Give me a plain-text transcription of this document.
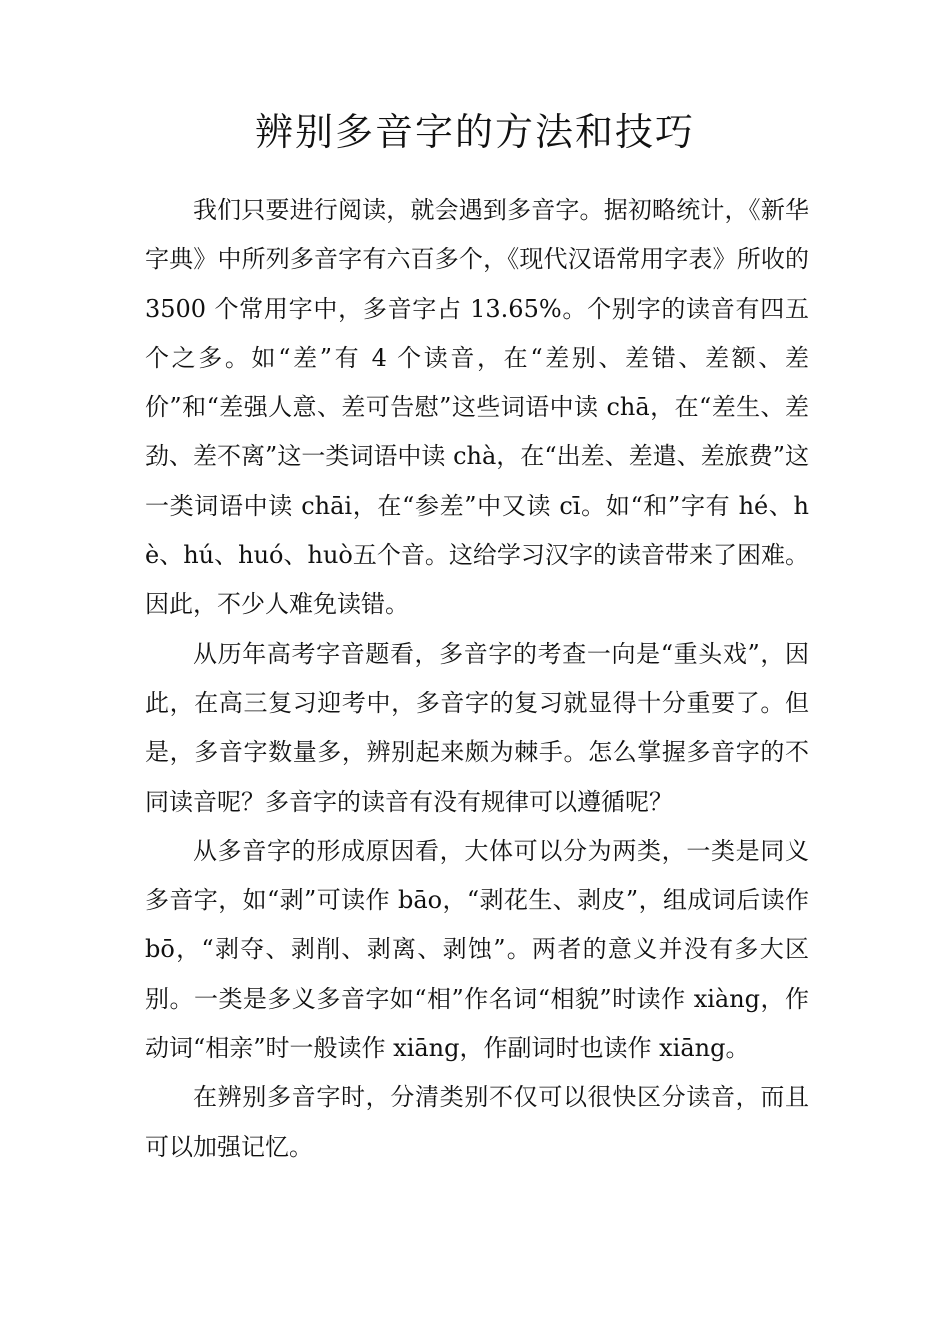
辨别多音字的方法和技巧

我们只要进行阅读，就会遇到多音字。据初略统计，《新华字典》中所列多音字有六百多个，《现代汉语常用字表》所收的 3500 个常用字中，多音字占 13.65%。个别字的读音有四五个之多。如“差”有 4 个读音，在“差别、差错、差额、差价”和“差强人意、差可告慰”这些词语中读 chā，在“差生、差劲、差不离”这一类词语中读 chà，在“出差、差遣、差旅费”这一类词语中读 chāi，在“参差”中又读 cī。如“和”字有 hé、hè、hú、huó、huò五个音。这给学习汉字的读音带来了困难。因此，不少人难免读错。

从历年高考字音题看，多音字的考查一向是“重头戏”，因此，在高三复习迎考中，多音字的复习就显得十分重要了。但是，多音字数量多，辨别起来颇为棘手。怎么掌握多音字的不同读音呢？多音字的读音有没有规律可以遵循呢？

从多音字的形成原因看，大体可以分为两类，一类是同义多音字，如“剥”可读作 bāo，“剥花生、剥皮”，组成词后读作 bō，“剥夺、剥削、剥离、剥蚀”。两者的意义并没有多大区别。一类是多义多音字如“相”作名词“相貌”时读作 xiàng，作动词“相亲”时一般读作 xiāng，作副词时也读作 xiāng。

在辨别多音字时，分清类别不仅可以很快区分读音，而且可以加强记忆。
